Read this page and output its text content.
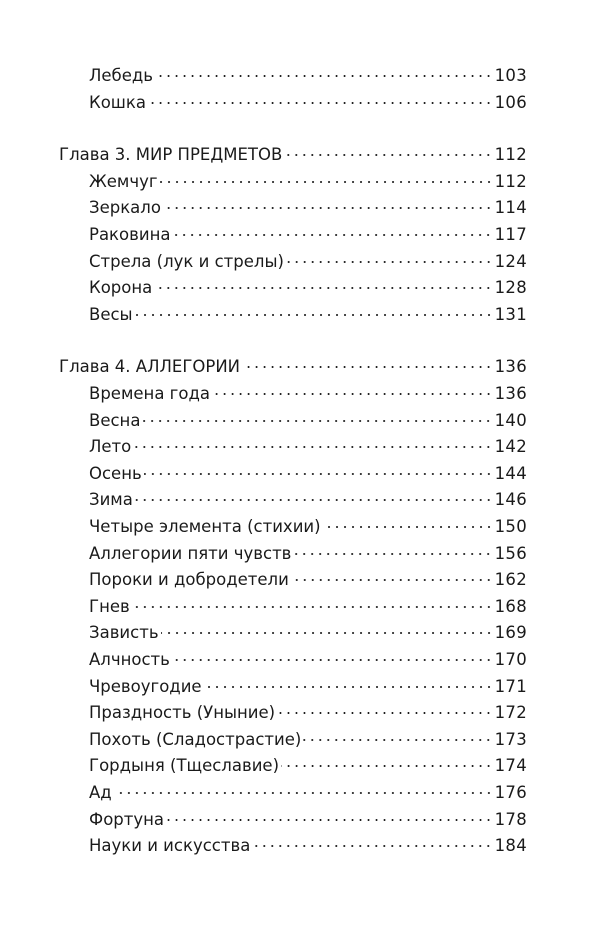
Лебедь	103
Кошка	106
Глава 3. МИР ПРЕДМЕТОВ	112
Жемчуг	112
Зеркало	114
Раковина	117
Стрела (лук и стрелы)	124
Корона	128
Весы	131
Глава 4. АЛЛЕГОРИИ	136
Времена года	136
Весна	140
Лето	142
Осень	144
Зима	146
Четыре элемента (стихии)	150
Аллегории пяти чувств	156
Пороки и добродетели	162
Гнев	168
Зависть	169
Алчность	170
Чревоугодие	171
Праздность (Уныние)	172
Похоть (Сладострастие)	173
Гордыня (Тщеславие)	174
Ад	176
Фортуна	178
Науки и искусства	184
